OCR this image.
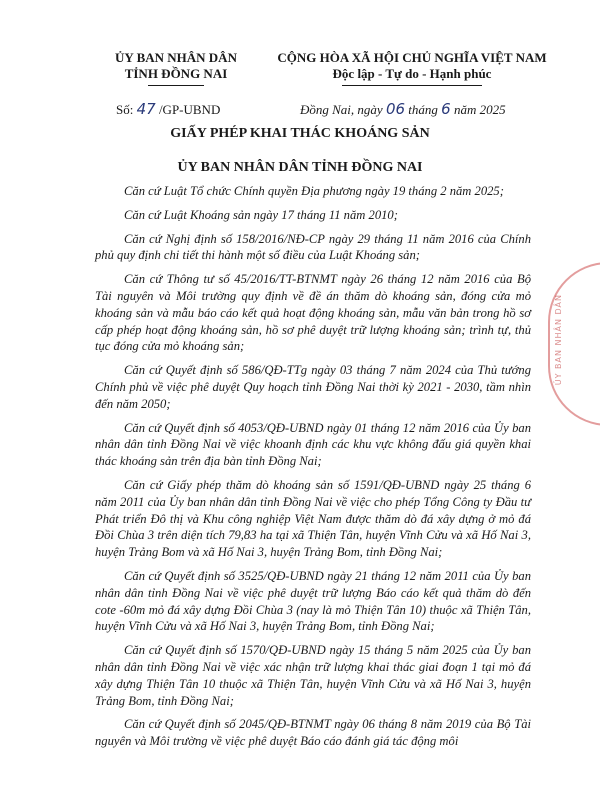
ỦY BAN NHÂN DÂN
TỈNH ĐỒNG NAI
CỘNG HÒA XÃ HỘI CHỦ NGHĨA VIỆT NAM
Độc lập - Tự do - Hạnh phúc
Số: 47 /GP-UBND	Đồng Nai, ngày 06 tháng 6 năm 2025
GIẤY PHÉP KHAI THÁC KHOÁNG SẢN
ỦY BAN NHÂN DÂN TỈNH ĐỒNG NAI

Căn cứ Luật Tổ chức Chính quyền Địa phương ngày 19 tháng 2 năm 2025;

Căn cứ Luật Khoáng sản ngày 17 tháng 11 năm 2010;

Căn cứ Nghị định số 158/2016/NĐ-CP ngày 29 tháng 11 năm 2016 của Chính phủ quy định chi tiết thi hành một số điều của Luật Khoáng sản;

Căn cứ Thông tư số 45/2016/TT-BTNMT ngày 26 tháng 12 năm 2016 của Bộ Tài nguyên và Môi trường quy định về đề án thăm dò khoáng sản, đóng cửa mỏ khoáng sản và mẫu báo cáo kết quả hoạt động khoáng sản, mẫu văn bản trong hồ sơ cấp phép hoạt động khoáng sản, hồ sơ phê duyệt trữ lượng khoáng sản; trình tự, thủ tục đóng cửa mỏ khoáng sản;

Căn cứ Quyết định số 586/QĐ-TTg ngày 03 tháng 7 năm 2024 của Thủ tướng Chính phủ về việc phê duyệt Quy hoạch tỉnh Đồng Nai thời kỳ 2021 - 2030, tầm nhìn đến năm 2050;

Căn cứ Quyết định số 4053/QĐ-UBND ngày 01 tháng 12 năm 2016 của Ủy ban nhân dân tỉnh Đồng Nai về việc khoanh định các khu vực không đấu giá quyền khai thác khoáng sản trên địa bàn tỉnh Đồng Nai;

Căn cứ Giấy phép thăm dò khoáng sản số 1591/QĐ-UBND ngày 25 tháng 6 năm 2011 của Ủy ban nhân dân tỉnh Đồng Nai về việc cho phép Tổng Công ty Đầu tư Phát triển Đô thị và Khu công nghiệp Việt Nam được thăm dò đá xây dựng ở mỏ đá Đồi Chùa 3 trên diện tích 79,83 ha tại xã Thiện Tân, huyện Vĩnh Cửu và xã Hố Nai 3, huyện Trảng Bom và xã Hố Nai 3, huyện Trảng Bom, tỉnh Đồng Nai;

Căn cứ Quyết định số 3525/QĐ-UBND ngày 21 tháng 12 năm 2011 của Ủy ban nhân dân tỉnh Đồng Nai về việc phê duyệt trữ lượng Báo cáo kết quả thăm dò đến cote -60m mỏ đá xây dựng Đồi Chùa 3 (nay là mỏ Thiện Tân 10) thuộc xã Thiện Tân, huyện Vĩnh Cửu và xã Hố Nai 3, huyện Trảng Bom, tỉnh Đồng Nai;

Căn cứ Quyết định số 1570/QĐ-UBND ngày 15 tháng 5 năm 2025 của Ủy ban nhân dân tỉnh Đồng Nai về việc xác nhận trữ lượng khai thác giai đoạn 1 tại mỏ đá xây dựng Thiện Tân 10 thuộc xã Thiện Tân, huyện Vĩnh Cửu và xã Hố Nai 3, huyện Trảng Bom, tỉnh Đồng Nai;

Căn cứ Quyết định số 2045/QĐ-BTNMT ngày 06 tháng 8 năm 2019 của Bộ Tài nguyên và Môi trường về việc phê duyệt Báo cáo đánh giá tác động môi

ỦY BAN NHÂN DÂN
